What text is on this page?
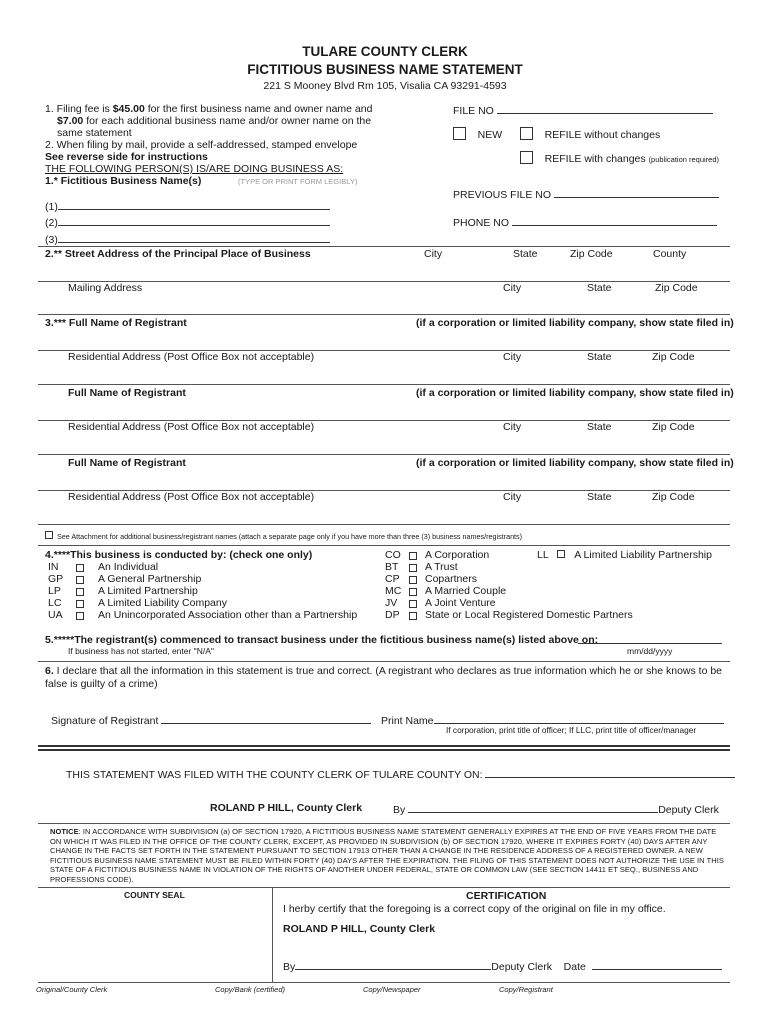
TULARE COUNTY CLERK
FICTITIOUS BUSINESS NAME STATEMENT
221 S Mooney Blvd Rm 105, Visalia CA 93291-4593
1. Filing fee is $45.00 for the first business name and owner name and
$7.00 for each additional business name and/or owner name on the
same statement
2. When filing by mail, provide a self-addressed, stamped envelope
See reverse side for instructions
THE FOLLOWING PERSON(S) IS/ARE DOING BUSINESS AS:
1.* Fictitious Business Name(s)	(TYPE OR PRINT FORM LEGIBLY)
(1)
(2)
(3)
FILE NO
NEW	REFILE without changes
REFILE with changes (publication required)
PREVIOUS FILE NO
PHONE NO
2.** Street Address of the Principal Place of Business	City	State	Zip Code	County
Mailing Address	City	State	Zip Code
3.*** Full Name of Registrant	(if a corporation or limited liability company, show state filed in)
Residential Address (Post Office Box not acceptable)	City	State	Zip Code
Full Name of Registrant	(if a corporation or limited liability company, show state filed in)
Residential Address (Post Office Box not acceptable)	City	State	Zip Code
Full Name of Registrant	(if a corporation or limited liability company, show state filed in)
Residential Address (Post Office Box not acceptable)	City	State	Zip Code
See Attachment for additional business/registrant names (attach a separate page only if you have more than three (3) business names/registrants)
4.****This business is conducted by: (check one only)
IN	An Individual
GP	A General Partnership
LP	A Limited Partnership
LC	A Limited Liability Company
UA	An Unincorporated Association other than a Partnership
CO A Corporation
BT	A Trust
CP Copartners
MC A Married Couple
JV	A Joint Venture
DP State or Local Registered Domestic Partners
LL A Limited Liability Partnership
5.*****The registrant(s) commenced to transact business under the fictitious business name(s) listed above on:
If business has not started, enter "N/A"	mm/dd/yyyy
6. I declare that all the information in this statement is true and correct. (A registrant who declares as true information which he or she knows to be false is guilty of a crime)
Signature of Registrant	Print Name
If corporation, print title of officer; If LLC, print title of officer/manager
THIS STATEMENT WAS FILED WITH THE COUNTY CLERK OF TULARE COUNTY ON:
ROLAND P HILL, County Clerk	By	Deputy Clerk
NOTICE: IN ACCORDANCE WITH SUBDIVISION (a) OF SECTION 17920, A FICTITIOUS BUSINESS NAME STATEMENT GENERALLY EXPIRES AT THE END OF FIVE YEARS FROM THE DATE ON WHICH IT WAS FILED IN THE OFFICE OF THE COUNTY CLERK, EXCEPT, AS PROVIDED IN SUBDIVISION (b) OF SECTION 17920, WHERE IT EXPIRES FORTY (40) DAYS AFTER ANY CHANGE IN THE FACTS SET FORTH IN THE STATEMENT PURSUANT TO SECTION 17913 OTHER THAN A CHANGE IN THE RESIDENCE ADDRESS OF A REGISTERED OWNER. A NEW FICTITIOUS BUSINESS NAME STATEMENT MUST BE FILED WITHIN FORTY (40) DAYS AFTER THE EXPIRATION. THE FILING OF THIS STATEMENT DOES NOT AUTHORIZE THE USE IN THIS STATE OF A FICTITIOUS BUSINESS NAME IN VIOLATION OF THE RIGHTS OF ANOTHER UNDER FEDERAL, STATE OR COMMON LAW (SEE SECTION 14411 ET SEQ., BUSINESS AND PROFESSIONS CODE).
COUNTY SEAL	CERTIFICATION
I herby certify that the foregoing is a correct copy of the original on file in my office.
ROLAND P HILL, County Clerk
By	Deputy Clerk Date
Original/County Clerk	Copy/Bank (certified)	Copy/Newspaper	Copy/Registrant
